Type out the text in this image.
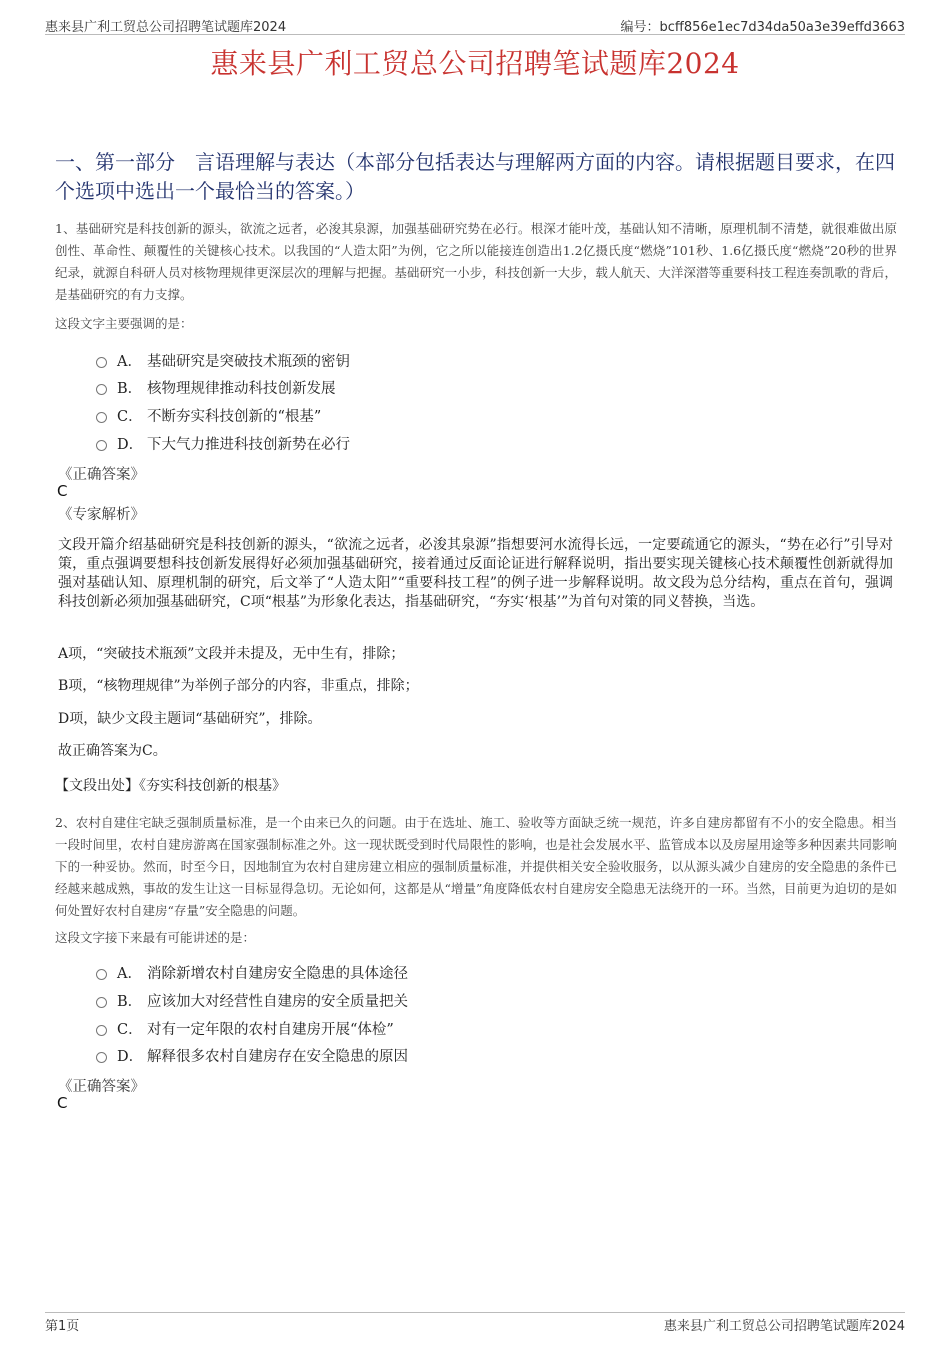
惠来县广利工贸总公司招聘笔试题库2024	编号：bcff856e1ec7d34da50a3e39effd3663
惠来县广利工贸总公司招聘笔试题库2024
一、第一部分　言语理解与表达（本部分包括表达与理解两方面的内容。请根据题目要求，在四个选项中选出一个最恰当的答案。）
1、基础研究是科技创新的源头，欲流之远者，必浚其泉源，加强基础研究势在必行。根深才能叶茂，基础认知不清晰，原理机制不清楚，就很难做出原创性、革命性、颠覆性的关键核心技术。以我国的“人造太阳”为例，它之所以能接连创造出1.2亿摄氏度“燃烧”101秒、1.6亿摄氏度“燃烧”20秒的世界纪录，就源自科研人员对核物理规律更深层次的理解与把握。基础研究一小步，科技创新一大步，载人航天、大洋深潜等重要科技工程连奏凯歌的背后，是基础研究的有力支撑。
这段文字主要强调的是：
A． 基础研究是突破技术瓶颈的密钥
B． 核物理规律推动科技创新发展
C． 不断夯实科技创新的“根基”
D． 下大气力推进科技创新势在必行
《正确答案》
C
《专家解析》
文段开篇介绍基础研究是科技创新的源头，“欲流之远者，必浚其泉源”指想要河水流得长远，一定要疏通它的源头，“势在必行”引导对策，重点强调要想科技创新发展得好必须加强基础研究，接着通过反面论证进行解释说明，指出要实现关键核心技术颠覆性创新就得加强对基础认知、原理机制的研究，后文举了“人造太阳”“重要科技工程”的例子进一步解释说明。故文段为总分结构，重点在首句，强调科技创新必须加强基础研究，C项“根基”为形象化表达，指基础研究，“夯实‘根基’”为首句对策的同义替换，当选。
A项，“突破技术瓶颈”文段并未提及，无中生有，排除；
B项，“核物理规律”为举例子部分的内容，非重点，排除；
D项，缺少文段主题词“基础研究”，排除。
故正确答案为C。
【文段出处】《夯实科技创新的根基》
2、农村自建住宅缺乏强制质量标准，是一个由来已久的问题。由于在选址、施工、验收等方面缺乏统一规范，许多自建房都留有不小的安全隐患。相当一段时间里，农村自建房游离在国家强制标准之外。这一现状既受到时代局限性的影响，也是社会发展水平、监管成本以及房屋用途等多种因素共同影响下的一种妥协。然而，时至今日，因地制宜为农村自建房建立相应的强制质量标准，并提供相关安全验收服务，以从源头减少自建房的安全隐患的条件已经越来越成熟，事故的发生让这一目标显得急切。无论如何，这都是从“增量”角度降低农村自建房安全隐患无法绕开的一环。当然，目前更为迫切的是如何处置好农村自建房“存量”安全隐患的问题。
这段文字接下来最有可能讲述的是：
A． 消除新增农村自建房安全隐患的具体途径
B． 应该加大对经营性自建房的安全质量把关
C． 对有一定年限的农村自建房开展“体检”
D． 解释很多农村自建房存在安全隐患的原因
《正确答案》
C
第1页	惠来县广利工贸总公司招聘笔试题库2024
